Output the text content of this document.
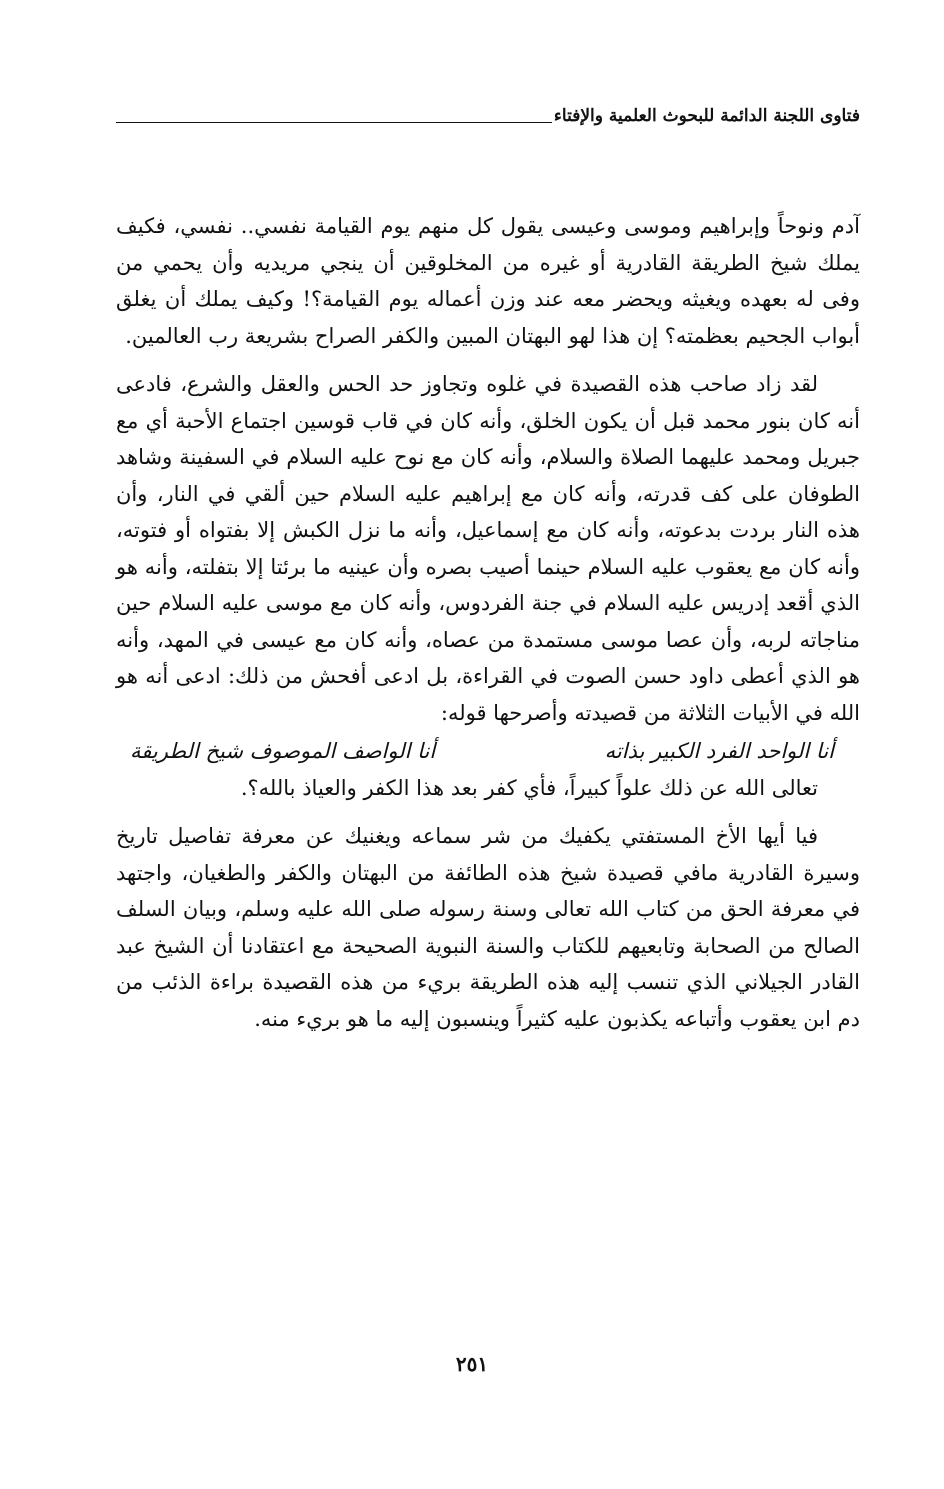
فتاوى اللجنة الدائمة للبحوث العلمية والإفتاء

آدم ونوحاً وإبراهيم وموسى وعيسى يقول كل منهم يوم القيامة نفسي.. نفسي، فكيف يملك شيخ الطريقة القادرية أو غيره من المخلوقين أن ينجي مريديه وأن يحمي من وفى له بعهده ويغيثه ويحضر معه عند وزن أعماله يوم القيامة؟! وكيف يملك أن يغلق أبواب الجحيم بعظمته؟ إن هذا لهو البهتان المبين والكفر الصراح بشريعة رب العالمين.

لقد زاد صاحب هذه القصيدة في غلوه وتجاوز حد الحس والعقل والشرع، فادعى أنه كان بنور محمد قبل أن يكون الخلق، وأنه كان في قاب قوسين اجتماع الأحبة أي مع جبريل ومحمد عليهما الصلاة والسلام، وأنه كان مع نوح عليه السلام في السفينة وشاهد الطوفان على كف قدرته، وأنه كان مع إبراهيم عليه السلام حين ألقي في النار، وأن هذه النار بردت بدعوته، وأنه كان مع إسماعيل، وأنه ما نزل الكبش إلا بفتواه أو فتوته، وأنه كان مع يعقوب عليه السلام حينما أصيب بصره وأن عينيه ما برئتا إلا بتفلته، وأنه هو الذي أقعد إدريس عليه السلام في جنة الفردوس، وأنه كان مع موسى عليه السلام حين مناجاته لربه، وأن عصا موسى مستمدة من عصاه، وأنه كان مع عيسى في المهد، وأنه هو الذي أعطى داود حسن الصوت في القراءة، بل ادعى أفحش من ذلك: ادعى أنه هو الله في الأبيات الثلاثة من قصيدته وأصرحها قوله:

أنا الواحد الفرد الكبير بذاته
أنا الواصف الموصوف شيخ الطريقة

تعالى الله عن ذلك علواً كبيراً، فأي كفر بعد هذا الكفر والعياذ بالله؟.

فيا أيها الأخ المستفتي يكفيك من شر سماعه ويغنيك عن معرفة تفاصيل تاريخ وسيرة القادرية مافي قصيدة شيخ هذه الطائفة من البهتان والكفر والطغيان، واجتهد في معرفة الحق من كتاب الله تعالى وسنة رسوله صلى الله عليه وسلم، وبيان السلف الصالح من الصحابة وتابعيهم للكتاب والسنة النبوية الصحيحة مع اعتقادنا أن الشيخ عبد القادر الجيلاني الذي تنسب إليه هذه الطريقة بريء من هذه القصيدة براءة الذئب من دم ابن يعقوب وأتباعه يكذبون عليه كثيراً وينسبون إليه ما هو بريء منه.

٢٥١
